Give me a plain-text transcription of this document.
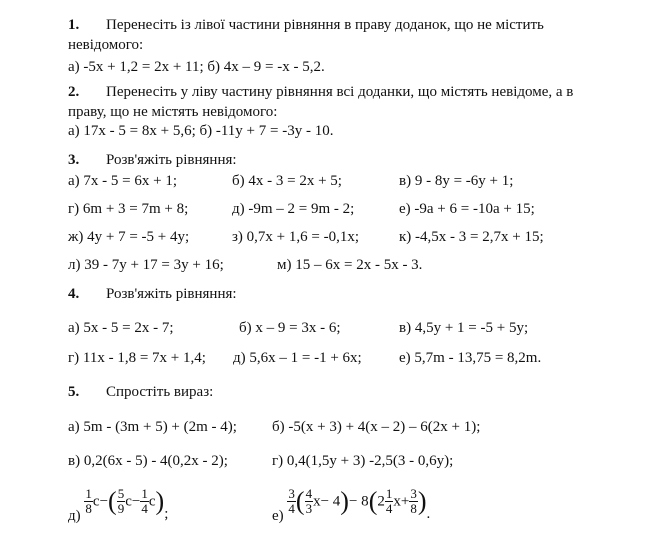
1. Перенесіть із лівої частини рівняння в праву доданок, що не містить
невідомого:
а) -5x + 1,2 = 2x + 11; б) 4x – 9 = -x - 5,2.
2. Перенесіть у ліву частину рівняння всі доданки, що містять невідоме, а в
праву, що не містять невідомого:
а) 17x - 5 = 8x + 5,6; б) -11y + 7 = -3y - 10.
3. Розв'яжіть рівняння:
а) 7x - 5 = 6x + 1;	б) 4x - 3 = 2x + 5;	в) 9 - 8y = -6y + 1;
г) 6m + 3 = 7m + 8;	д) -9m – 2 = 9m - 2;	е) -9a + 6 = -10a + 15;
ж) 4y + 7 = -5 + 4y;	з) 0,7x + 1,6 = -0,1x;	к) -4,5x - 3 = 2,7x + 15;
л) 39 - 7y + 17 = 3y + 16;	м) 15 – 6x = 2x - 5x - 3.
4. Розв'яжіть рівняння:
а) 5x - 5 = 2x - 7;	б) x – 9 = 3x - 6;	в) 4,5y + 1 = -5 + 5y;
г) 11x - 1,8 = 7x + 1,4; д) 5,6x – 1 = -1 + 6x; е) 5,7m - 13,75 = 8,2m.
5. Спростіть вираз:
а) 5m - (3m + 5) + (2m - 4); б) -5(x + 3) + 4(x – 2) – 6(2x + 1);
в) 0,2(6x - 5) - 4(0,2x - 2);	г) 0,4(1,5y + 3) -2,5(3 - 0,6y);
$д) \frac{1}{8} c-( \frac{5}{9} c- \frac{1}{4} c)$;	$е) \frac{3}{4}$ ( $\frac{4}{3} x- 4)- 8(2 \frac{1}{4} x+ \frac{3}{8}$ ).
